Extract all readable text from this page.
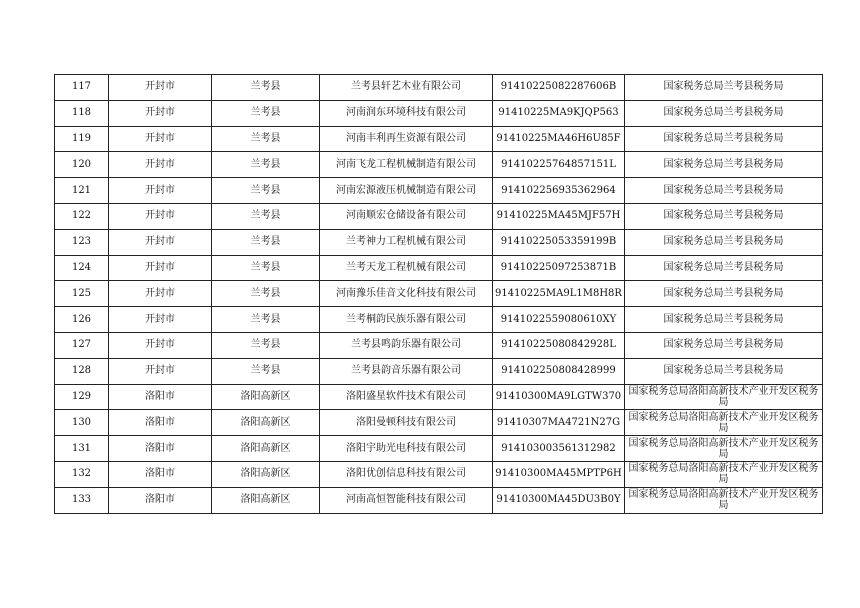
117	开封市	兰考县	兰考县轩艺木业有限公司	91410225082287606B	国家税务总局兰考县税务局
118	开封市	兰考县	河南润东环境科技有限公司	91410225MA9KJQP563	国家税务总局兰考县税务局
119	开封市	兰考县	河南丰利再生资源有限公司	91410225MA46H6U85F	国家税务总局兰考县税务局
120	开封市	兰考县	河南飞龙工程机械制造有限公司	91410225764857151L	国家税务总局兰考县税务局
121	开封市	兰考县	河南宏源液压机械制造有限公司	914102256935362964	国家税务总局兰考县税务局
122	开封市	兰考县	河南顺宏仓储设备有限公司	91410225MA45MJF57H	国家税务总局兰考县税务局
123	开封市	兰考县	兰考神力工程机械有限公司	91410225053359199B	国家税务总局兰考县税务局
124	开封市	兰考县	兰考天龙工程机械有限公司	91410225097253871B	国家税务总局兰考县税务局
125	开封市	兰考县	河南豫乐佳音文化科技有限公司	91410225MA9L1M8H8R	国家税务总局兰考县税务局
126	开封市	兰考县	兰考桐韵民族乐器有限公司	9141022559080610XY	国家税务总局兰考县税务局
127	开封市	兰考县	兰考县鸣韵乐器有限公司	91410225080842928L	国家税务总局兰考县税务局
128	开封市	兰考县	兰考县韵音乐器有限公司	914102250808428999	国家税务总局兰考县税务局
129	洛阳市	洛阳高新区	洛阳盛星软件技术有限公司	91410300MA9LGTW370	国家税务总局洛阳高新技术产业开发区税务局
130	洛阳市	洛阳高新区	洛阳曼顿科技有限公司	91410307MA4721N27G	国家税务总局洛阳高新技术产业开发区税务局
131	洛阳市	洛阳高新区	洛阳宇助光电科技有限公司	914103003561312982	国家税务总局洛阳高新技术产业开发区税务局
132	洛阳市	洛阳高新区	洛阳优创信息科技有限公司	91410300MA45MPTP6H	国家税务总局洛阳高新技术产业开发区税务局
133	洛阳市	洛阳高新区	河南高恒智能科技有限公司	91410300MA45DU3B0Y	国家税务总局洛阳高新技术产业开发区税务局
